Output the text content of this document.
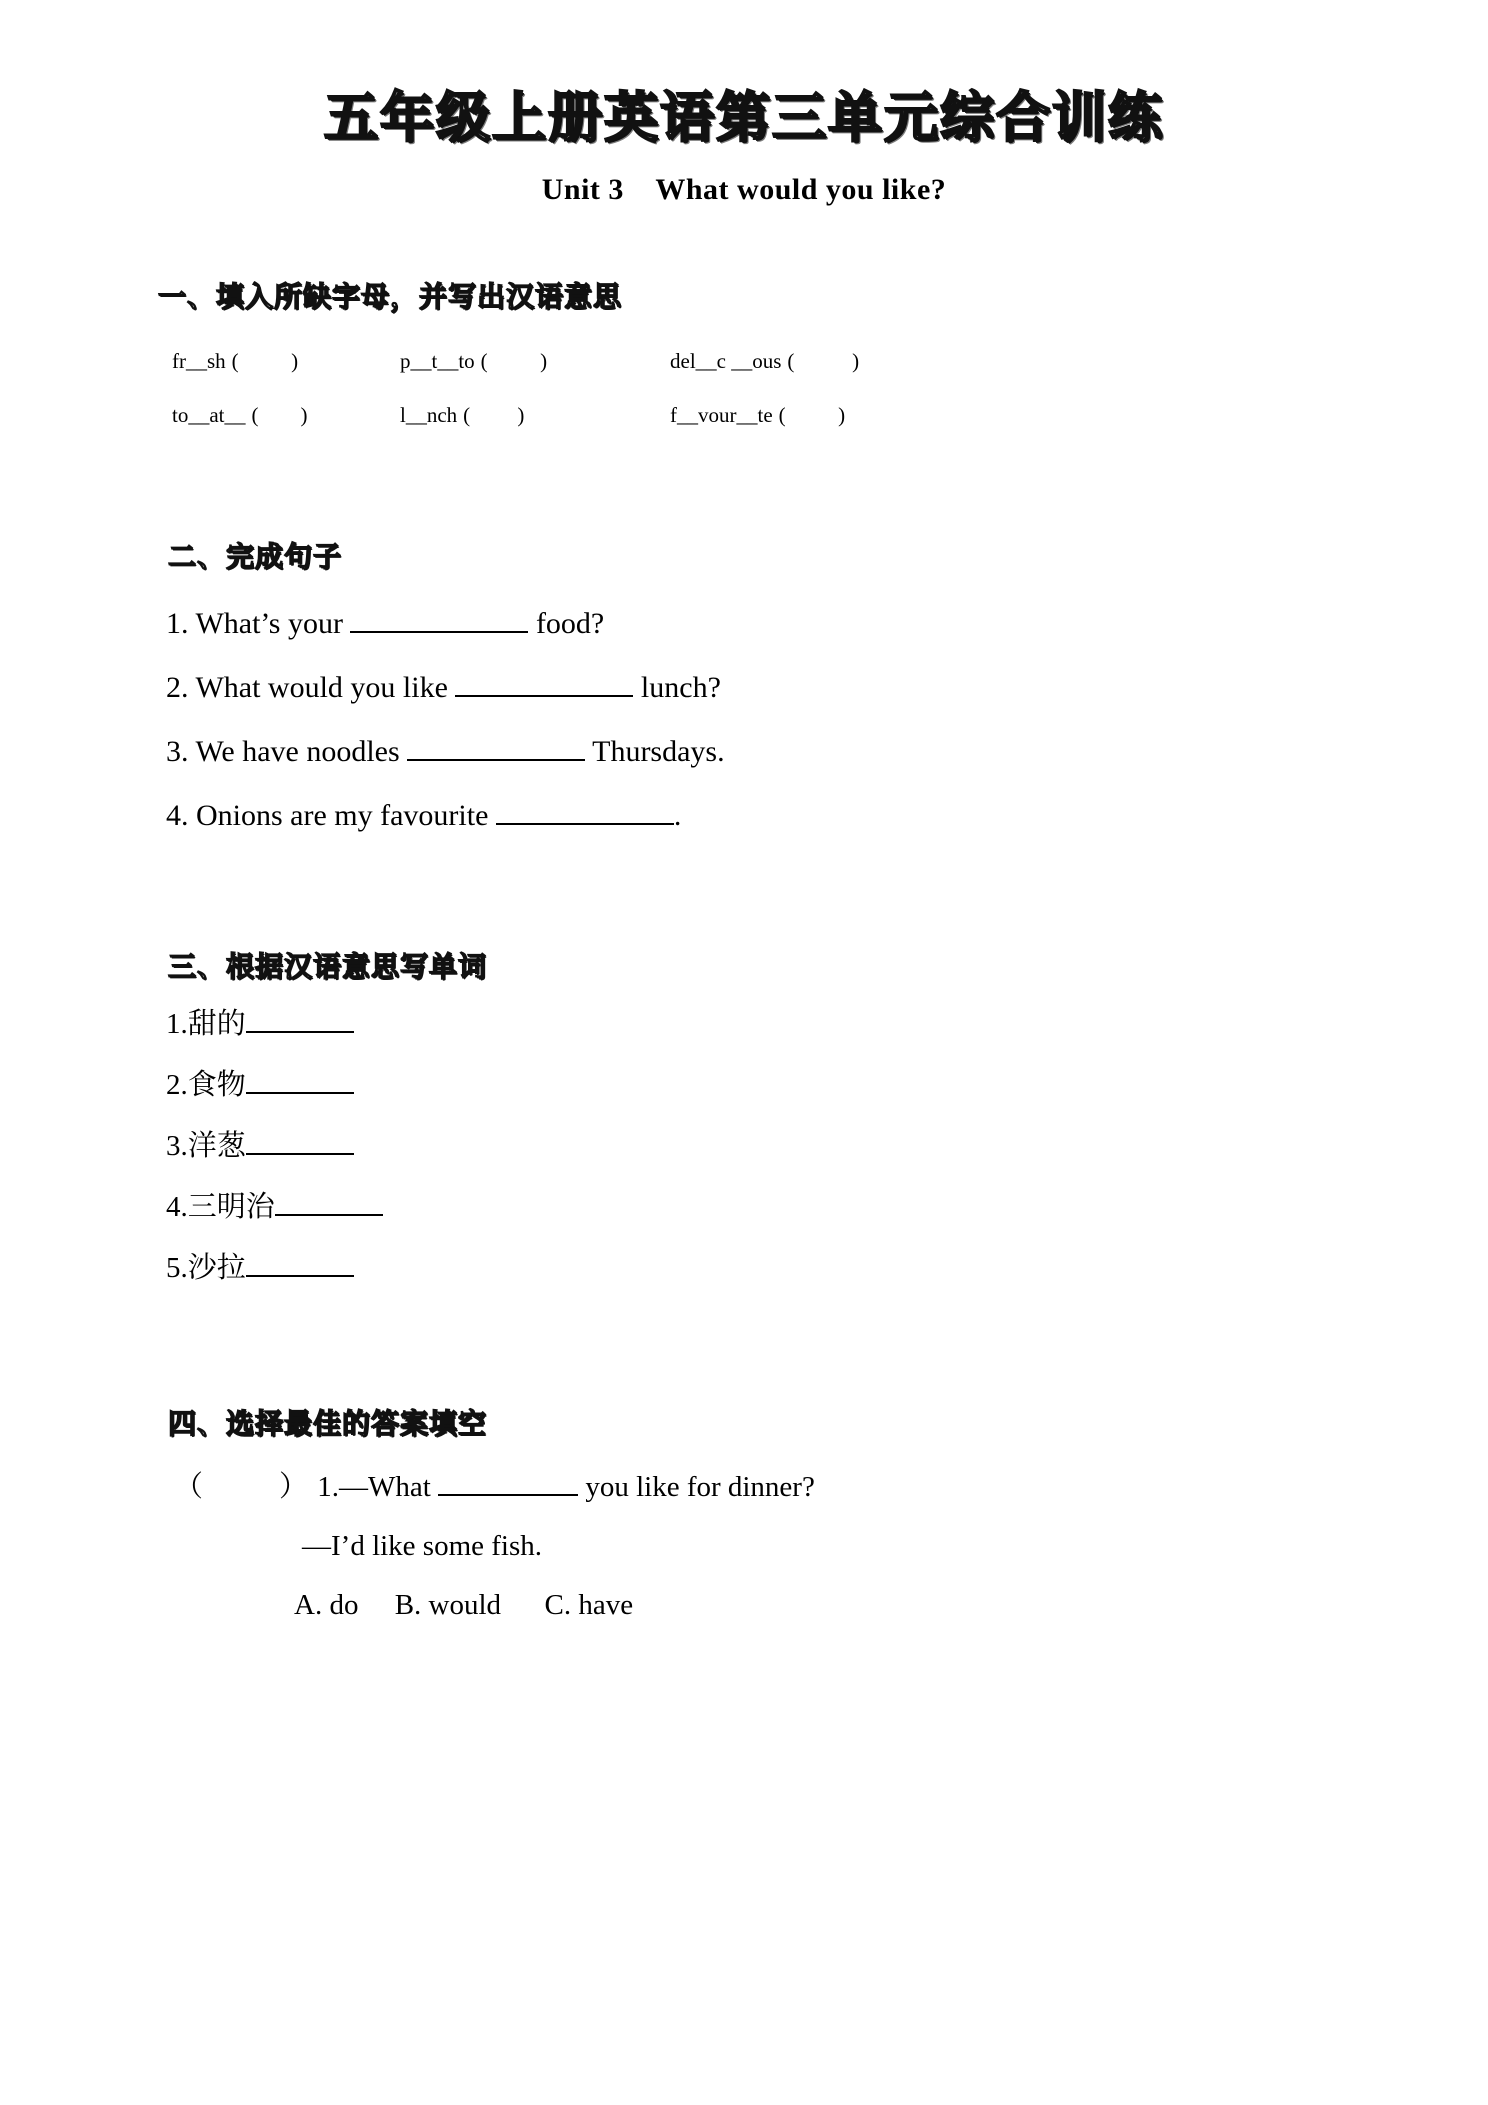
五年级上册英语第三单元综合训练
Unit 3    What would you like?
一、填入所缺字母，并写出汉语意思
fr__sh (          )	p__t__to (          )	del__c __ous (           )
to__at__ (        )	l__nch (         )	f__vour__te (          )
二、完成句子
1. What’s your	food?
2. What would you like	lunch?
3. We have noodles	Thursdays.
4. Onions are my favourite	.
三、根据汉语意思写单词
1.甜的
2.食物
3.洋葱
4.三明治
5.沙拉
四、选择最佳的答案填空
（        ） 1.—What	you like for dinner?
—I’d like some fish.
A. do     B. would      C. have
